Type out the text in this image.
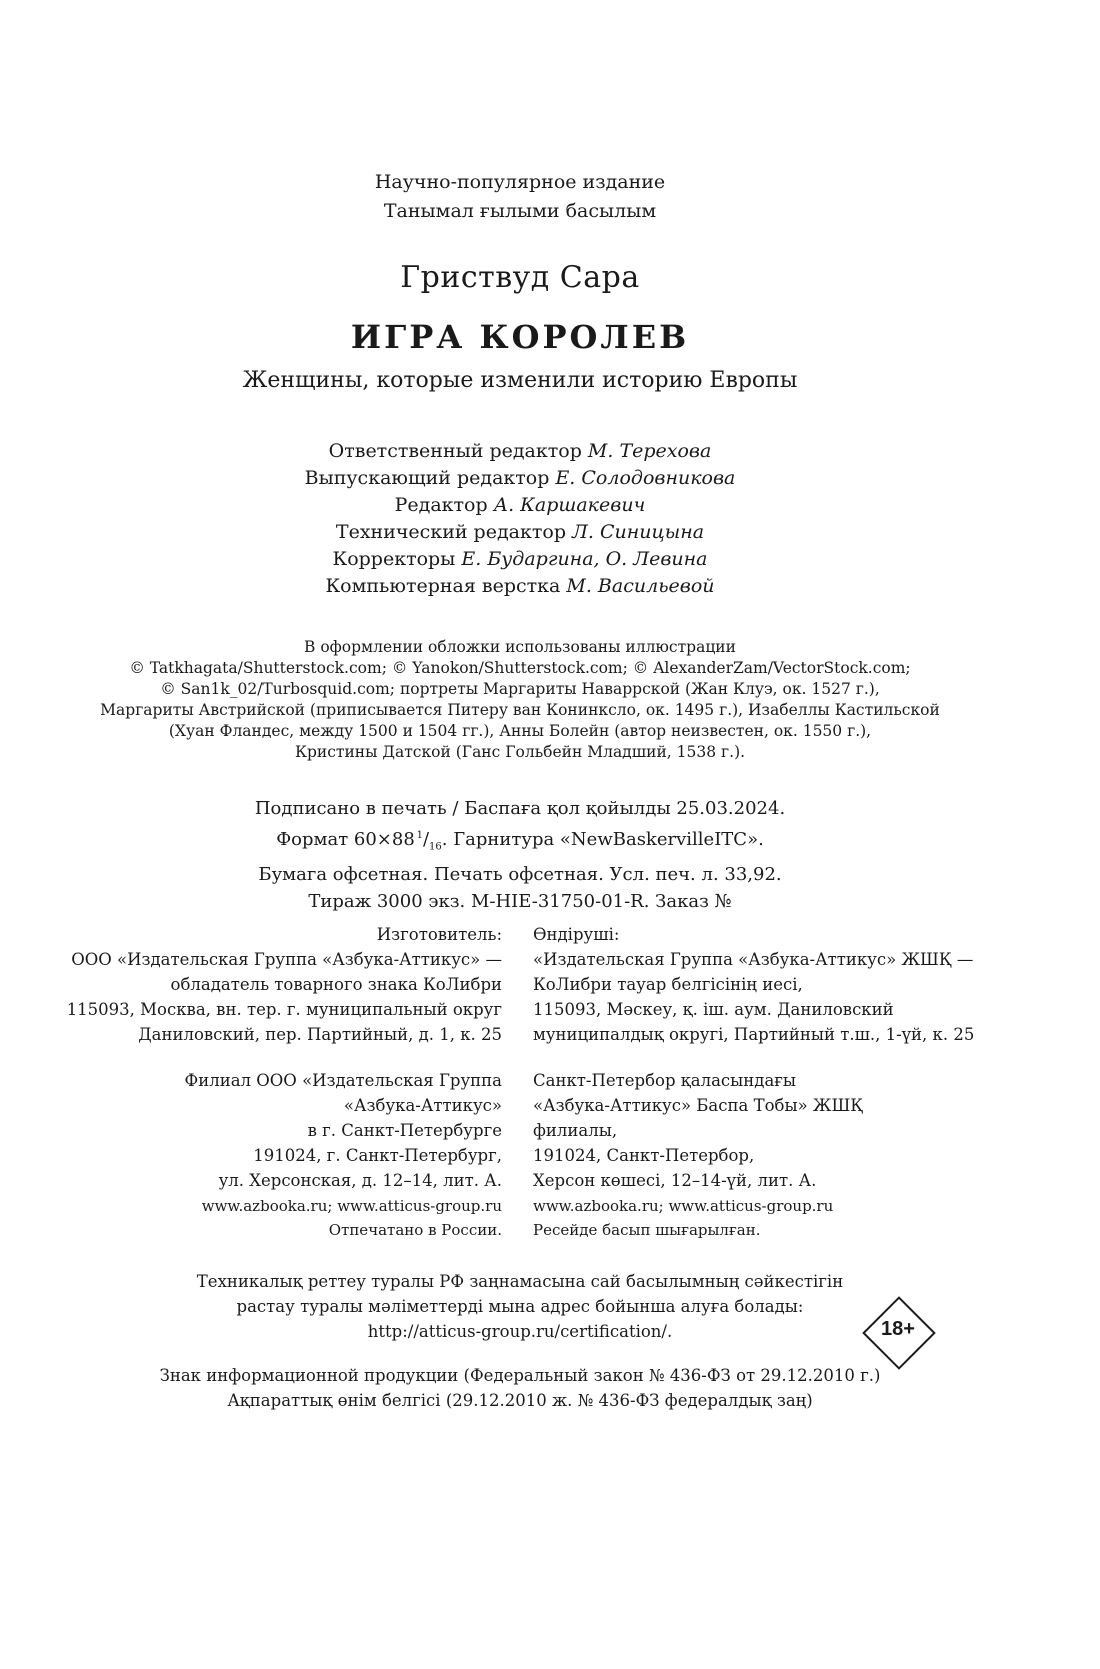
Научно-популярное издание
Танымал ғылыми басылым
Гриствуд Сара
ИГРА КОРОЛЕВ
Женщины, которые изменили историю Европы
Ответственный редактор М. Терехова
Выпускающий редактор Е. Солодовникова
Редактор А. Каршакевич
Технический редактор Л. Синицына
Корректоры Е. Бударгина, О. Левина
Компьютерная верстка М. Васильевой
В оформлении обложки использованы иллюстрации
© Tatkhagata/Shutterstock.com; © Yanokon/Shutterstock.com; © AlexanderZam/VectorStock.com;
© San1k_02/Turbosquid.com; портреты Маргариты Наваррской (Жан Клуэ, ок. 1527 г.),
Маргариты Австрийской (приписывается Питеру ван Конинксло, ок. 1495 г.), Изабеллы Кастильской
(Хуан Фландес, между 1500 и 1504 гг.), Анны Болейн (автор неизвестен, ок. 1550 г.),
Кристины Датской (Ганс Гольбейн Младший, 1538 г.).
Подписано в печать / Баспаға қол қойылды 25.03.2024.
Формат 60×88  $^1/_{16}$. Гарнитура «NewBaskervilleITC».
Бумага офсетная. Печать офсетная. Усл. печ. л. 33,92.
Тираж 3000 экз. M-HIE-31750-01-R. Заказ №
Изготовитель:
ООО «Издательская Группа «Азбука-Аттикус» —
обладатель товарного знака КоЛибри
115093, Москва, вн. тер. г. муниципальный округ
Даниловский, пер. Партийный, д. 1, к. 25
Өндіруші:
«Издательская Группа «Азбука-Аттикус» ЖШҚ —
КоЛибри тауар белгісінің иесі,
115093, Мәскеу, қ. іш. аум. Даниловский
муниципалдық округі, Партийный т.ш., 1-үй, к. 25
Филиал ООО «Издательская Группа
«Азбука-Аттикус»
в г. Санкт-Петербурге
191024, г. Санкт-Петербург,
ул. Херсонская, д. 12–14, лит. А.
Санкт-Петербор қаласындағы
«Азбука-Аттикус» Баспа Тобы» ЖШҚ
филиалы,
191024, Санкт-Петербор,
Херсон көшесі, 12–14-үй, лит. А.
www.azbooka.ru; www.atticus-group.ru
Отпечатано в России.
www.azbooka.ru; www.atticus-group.ru
Ресейде басып шығарылған.
Техникалық реттеу туралы РФ заңнамасына сай басылымның сәйкестігін
растау туралы мәліметтерді мына адрес бойынша алуға болады:
http://atticus-group.ru/certification/.	18+
Знак информационной продукции (Федеральный закон № 436-ФЗ от 29.12.2010 г.)
Ақпараттық өнім белгісі (29.12.2010 ж. № 436-ФЗ федералдық заң)
